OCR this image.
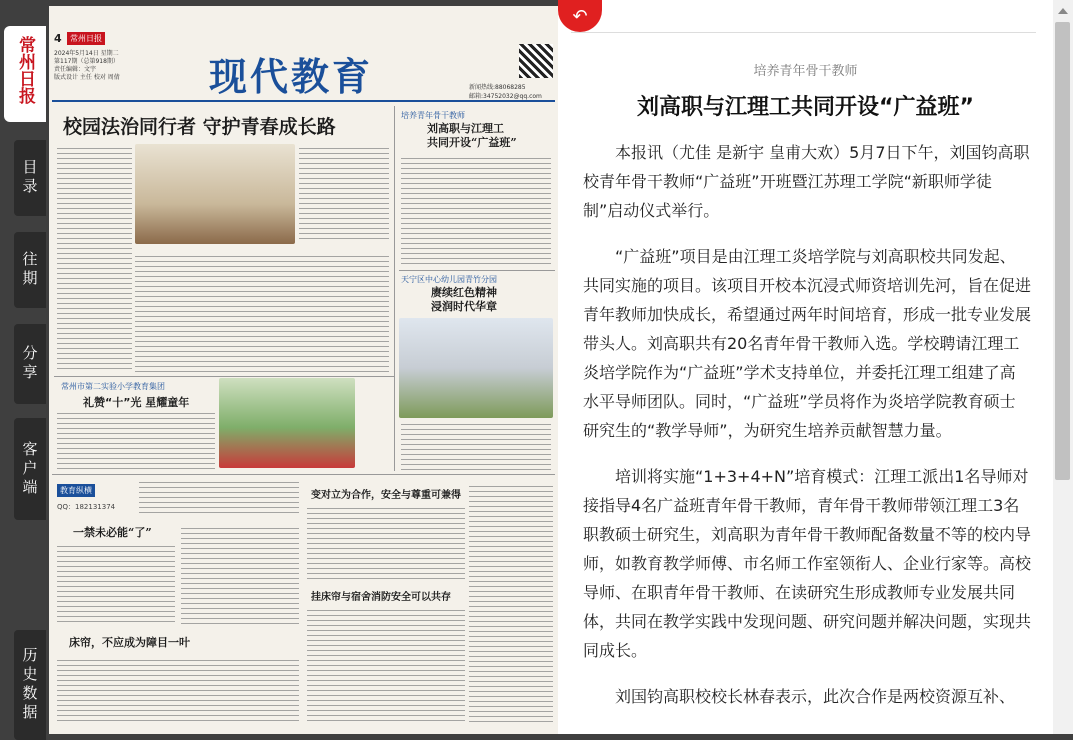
常州日报
目录
往期
分享
客户端
历史数据
4	常州日报
2024年5月14日 星期二
第117期（总第918期）
责任编辑：文宇
版式设计 主任 校对 周倩	现代教育	新闻热线:88068285
邮箱:34752032@qq.com
校园法治同行者 守护青春成长路
培养青年骨干教师
刘高职与江理工
共同开设“广益班”
天宁区中心幼儿园青竹分园
赓续红色精神
浸润时代华章
常州市第二实验小学教育集团
礼赞“十”光 星耀童年
教育纵横
QQ：182131374
一禁未必能“了”
床帘，不应成为障目一叶
变对立为合作，安全与尊重可兼得
挂床帘与宿舍消防安全可以共存
↶
培养青年骨干教师
刘高职与江理工共同开设“广益班”

本报讯（尤佳 是新宇 皇甫大欢）5月7日下午，刘国钧高职校青年骨干教师“广益班”开班暨江苏理工学院“新职师学徒制”启动仪式举行。

“广益班”项目是由江理工炎培学院与刘高职校共同发起、共同实施的项目。该项目开校本沉浸式师资培训先河，旨在促进青年教师加快成长，希望通过两年时间培育，形成一批专业发展带头人。刘高职共有20名青年骨干教师入选。学校聘请江理工炎培学院作为“广益班”学术支持单位，并委托江理工组建了高水平导师团队。同时，“广益班”学员将作为炎培学院教育硕士研究生的“教学导师”，为研究生培养贡献智慧力量。

培训将实施“1+3+4+N”培育模式：江理工派出1名导师对接指导4名广益班青年骨干教师，青年骨干教师带领江理工3名职教硕士研究生，刘高职为青年骨干教师配备数量不等的校内导师，如教育教学师傅、市名师工作室领衔人、企业行家等。高校导师、在职青年骨干教师、在读研究生形成教师专业发展共同体，共同在教学实践中发现问题、研究问题并解决问题，实现共同成长。

刘国钧高职校校长林春表示，此次合作是两校资源互补、
